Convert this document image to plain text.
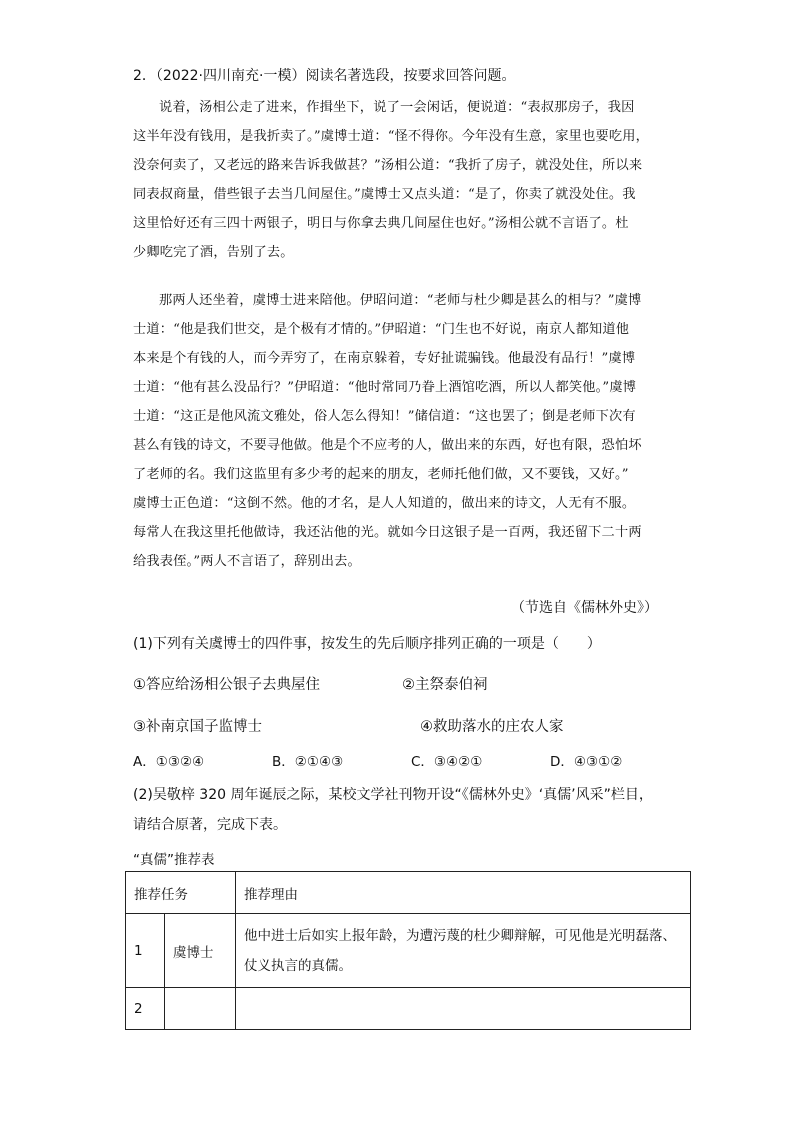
2．（2022·四川南充·一模）阅读名著选段，按要求回答问题。
说着，汤相公走了进来，作揖坐下，说了一会闲话，便说道：“表叔那房子，我因
这半年没有钱用，是我折卖了。”虞博士道：“怪不得你。今年没有生意，家里也要吃用，
没奈何卖了，又老远的路来告诉我做甚？”汤相公道：“我折了房子，就没处住，所以来
同表叔商量，借些银子去当几间屋住。”虞博士又点头道：“是了，你卖了就没处住。我
这里恰好还有三四十两银子，明日与你拿去典几间屋住也好。”汤相公就不言语了。杜
少卿吃完了酒，告别了去。
那两人还坐着，虞博士进来陪他。伊昭问道：“老师与杜少卿是甚么的相与？”虞博
士道：“他是我们世交，是个极有才情的。”伊昭道：“门生也不好说，南京人都知道他
本来是个有钱的人，而今弄穷了，在南京躲着，专好扯谎骗钱。他最没有品行！”虞博
士道：“他有甚么没品行？”伊昭道：“他时常同乃眷上酒馆吃酒，所以人都笑他。”虞博
士道：“这正是他风流文雅处，俗人怎么得知！”储信道：“这也罢了；倒是老师下次有
甚么有钱的诗文，不要寻他做。他是个不应考的人，做出来的东西，好也有限，恐怕坏
了老师的名。我们这监里有多少考的起来的朋友，老师托他们做，又不要钱，又好。”
虞博士正色道：“这倒不然。他的才名，是人人知道的，做出来的诗文，人无有不服。
每常人在我这里托他做诗，我还沾他的光。就如今日这银子是一百两，我还留下二十两
给我表侄。”两人不言语了，辞别出去。
（节选自《儒林外史》）
(1)下列有关虞博士的四件事，按发生的先后顺序排列正确的一项是（　　）
①答应给汤相公银子去典屋住	②主祭泰伯祠
③补南京国子监博士	④救助落水的庄农人家
A．①③②④	B．②①④③	C．③④②①	D．④③①②
(2)吴敬梓 320 周年诞辰之际，某校文学社刊物开设“《儒林外史》‘真儒’风采”栏目，
请结合原著，完成下表。
“真儒”推荐表
推荐任务		推荐理由
1	虞博士	他中进士后如实上报年龄，为遭污蔑的杜少卿辩解，可见他是光明磊落、
仗义执言的真儒。

2		
